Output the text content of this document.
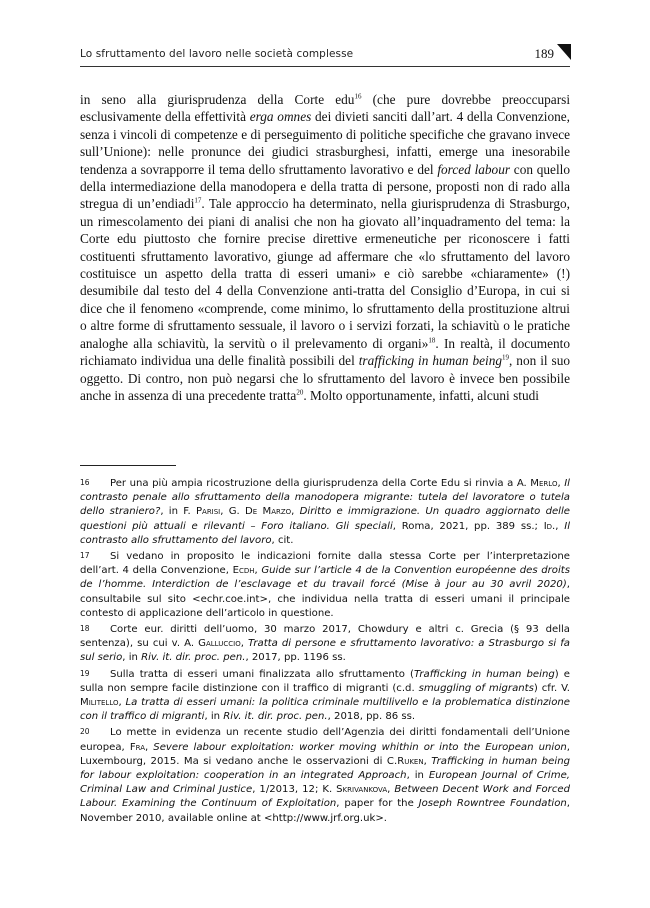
Lo sfruttamento del lavoro nelle società complesse	189

in seno alla giurisprudenza della Corte edu$^{16}$ (che pure dovrebbe preoccuparsi esclusivamente della effettività erga omnes dei divieti sanciti dall’art. 4 della Convenzione, senza i vincoli di competenze e di perseguimento di politiche specifiche che gravano invece sull’Unione): nelle pronunce dei giudici strasburghesi, infatti, emerge una inesorabile tendenza a sovrapporre il tema dello sfruttamento lavorativo e del forced labour con quello della intermediazione della manodopera e della tratta di persone, proposti non di rado alla stregua di un’endiadi$^{17}$. Tale approccio ha determinato, nella giurisprudenza di Strasburgo, un rimescolamento dei piani di analisi che non ha giovato all’inquadramento del tema: la Corte edu piuttosto che fornire precise direttive ermeneutiche per riconoscere i fatti costituenti sfruttamento lavorativo, giunge ad affermare che «lo sfruttamento del lavoro costituisce un aspetto della tratta di esseri umani» e ciò sarebbe «chiaramente» (!) desumibile dal testo del 4 della Convenzione anti-tratta del Consiglio d’Europa, in cui si dice che il fenomeno «comprende, come minimo, lo sfruttamento della prostituzione altrui o altre forme di sfruttamento sessuale, il lavoro o i servizi forzati, la schiavitù o le pratiche analoghe alla schiavitù, la servitù o il prelevamento di organi»$^{18}$. In realtà, il documento richiamato individua una delle finalità possibili del trafficking in human being$^{19}$, non il suo oggetto. Di contro, non può negarsi che lo sfruttamento del lavoro è invece ben possibile anche in assenza di una precedente tratta$^{20}$. Molto opportunamente, infatti, alcuni studi

16 Per una più ampia ricostruzione della giurisprudenza della Corte Edu si rinvia a A. Merlo, Il contrasto penale allo sfruttamento della manodopera migrante: tutela del lavoratore o tutela dello straniero?, in F. Parisi, G. De Marzo, Diritto e immigrazione. Un quadro aggiornato delle questioni più attuali e rilevanti – Foro italiano. Gli speciali, Roma, 2021, pp. 389 ss.; Id., Il contrasto allo sfruttamento del lavoro, cit.

17 Si vedano in proposito le indicazioni fornite dalla stessa Corte per l’interpretazione dell’art. 4 della Convenzione, Ecdh, Guide sur l’article 4 de la Convention européenne des droits de l’homme. Interdiction de l’esclavage et du travail forcé (Mise à jour au 30 avril 2020), consultabile sul sito <echr.coe.int>, che individua nella tratta di esseri umani il principale contesto di applicazione dell’articolo in questione.

18 Corte eur. diritti dell’uomo, 30 marzo 2017, Chowdury e altri c. Grecia (§ 93 della sentenza), su cui v. A. Galluccio, Tratta di persone e sfruttamento lavorativo: a Strasburgo si fa sul serio, in Riv. it. dir. proc. pen., 2017, pp. 1196 ss.

19 Sulla tratta di esseri umani finalizzata allo sfruttamento (Trafficking in human being) e sulla non sempre facile distinzione con il traffico di migranti (c.d. smuggling of migrants) cfr. V. Militello, La tratta di esseri umani: la politica criminale multilivello e la problematica distinzione con il traffico di migranti, in Riv. it. dir. proc. pen., 2018, pp. 86 ss.

20 Lo mette in evidenza un recente studio dell’Agenzia dei diritti fondamentali dell’Unione europea, Fra, Severe labour exploitation: worker moving whithin or into the European union, Luxembourg, 2015. Ma si vedano anche le osservazioni di C.Ruken, Trafficking in human being for labour exploitation: cooperation in an integrated Approach, in European Journal of Crime, Criminal Law and Criminal Justice, 1/2013, 12; K. Skrivankova, Between Decent Work and Forced Labour. Examining the Continuum of Exploitation, paper for the Joseph Rowntree Foundation, November 2010, available online at <http://www.jrf.org.uk>.
